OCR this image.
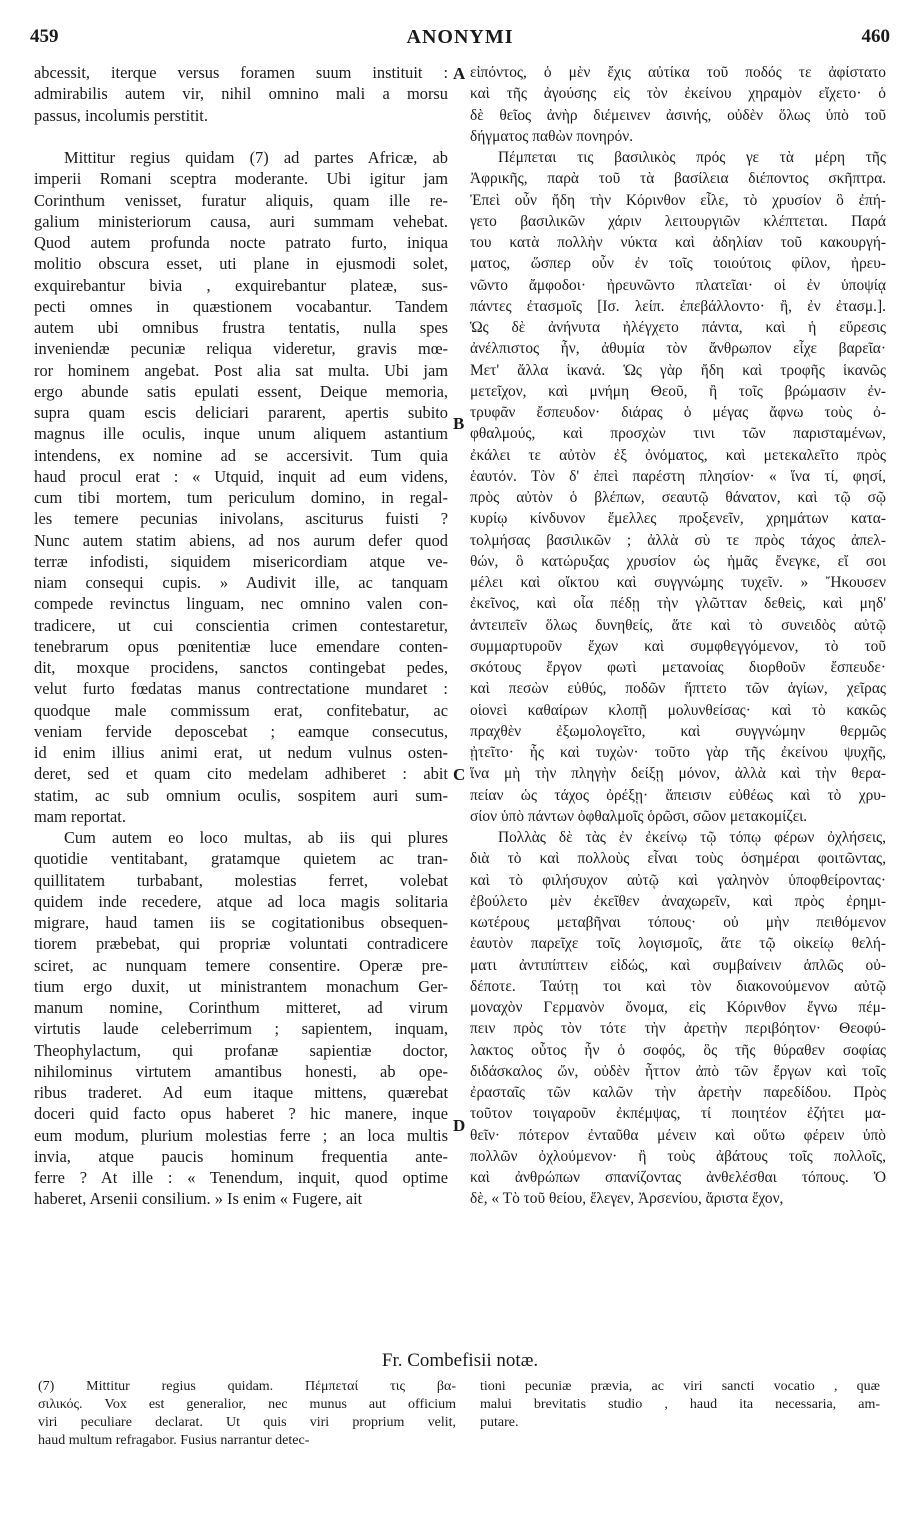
459	ANONYMI	460
abcessit, iterque versus foramen suum instituit :
admirabilis autem vir, nihil omnino mali a morsu
passus, incolumis perstitit.
Mittitur regius quidam (7) ad partes Africæ, ab
imperii Romani sceptra moderante. Ubi igitur jam
Corinthum venisset, furatur aliquis, quam ille re-
galium ministeriorum causa, auri summam vehebat.
Quod autem profunda nocte patrato furto, iniqua
molitio obscura esset, uti plane in ejusmodi solet,
exquirebantur bivia , exquirebantur plateæ, sus-
pecti omnes in quæstionem vocabantur. Tandem
autem ubi omnibus frustra tentatis, nulla spes
inveniendæ pecuniæ reliqua videretur, gravis mœ-
ror hominem angebat. Post alia sat multa. Ubi jam
ergo abunde satis epulati essent, Deique memoria,
supra quam escis deliciari pararent, apertis subito
magnus ille oculis, inque unum aliquem astantium
intendens, ex nomine ad se accersivit. Tum quia
haud procul erat : « Utquid, inquit ad eum videns,
cum tibi mortem, tum periculum domino, in regal-
les temere pecunias inivolans, asciturus fuisti ?
Nunc autem statim abiens, ad nos aurum defer quod
terræ infodisti, siquidem misericordiam atque ve-
niam consequi cupis. » Audivit ille, ac tanquam
compede revinctus linguam, nec omnino valen con-
tradicere, ut cui conscientia crimen contestaretur,
tenebrarum opus pœnitentiæ luce emendare conten-
dit, moxque procidens, sanctos contingebat pedes,
velut furto fœdatas manus contrectatione mundaret :
quodque male commissum erat, confitebatur, ac
veniam fervide deposcebat ; eamque consecutus,
id enim illius animi erat, ut nedum vulnus osten-
deret, sed et quam cito medelam adhiberet : abit
statim, ac sub omnium oculis, sospitem auri sum-
mam reportat.
Cum autem eo loco multas, ab iis qui plures
quotidie ventitabant, gratamque quietem ac tran-
quillitatem turbabant, molestias ferret, volebat
quidem inde recedere, atque ad loca magis solitaria
migrare, haud tamen iis se cogitationibus obsequen-
tiorem præbebat, qui propriæ voluntati contradicere
sciret, ac nunquam temere consentire. Operæ pre-
tium ergo duxit, ut ministrantem monachum Ger-
manum nomine, Corinthum mitteret, ad virum
virtutis laude celeberrimum ; sapientem, inquam,
Theophylactum, qui profanæ sapientiæ doctor,
nihilominus virtutem amantibus honesti, ab ope-
ribus traderet. Ad eum itaque mittens, quærebat
doceri quid facto opus haberet ? hic manere, inque
eum modum, plurium molestias ferre ; an loca multis
invia, atque paucis hominum frequentia ante-
ferre ? At ille : « Tenendum, inquit, quod optime
haberet, Arsenii consilium. » Is enim « Fugere, ait
εἰπόντος, ὁ μὲν ἔχις αὐτίκα τοῦ ποδός τε ἀφίστατο
καὶ τῆς ἀγούσης εἰς τὸν ἐκείνου χηραμὸν εἴχετο· ὁ
δὲ θεῖος ἀνὴρ διέμεινεν ἀσινής, οὐδὲν ὅλως ὑπὸ τοῦ
δήγματος παθὼν πονηρόν.
Πέμπεται τις βασιλικὸς πρός γε τὰ μέρη τῆς
Ἀφρικῆς, παρὰ τοῦ τὰ βασίλεια διέποντος σκῆπτρα.
Ἐπεὶ οὖν ἤδη τὴν Κόρινθον εἶλε, τὸ χρυσίον ὃ ἐπή-
γετο βασιλικῶν χάριν λειτουργιῶν κλέπτεται. Παρά
του κατὰ πολλὴν νύκτα καὶ ἀδηλίαν τοῦ κακουργή-
ματος, ὥσπερ οὖν ἐν τοῖς τοιούτοις φίλον, ἠρευ-
νῶντο ἄμφοδοι· ἠρευνῶντο πλατεῖαι· οἱ ἐν ὑποψίᾳ
πάντες ἐτασμοῖς [Ισ. λείπ. ἐπεβάλλοντο· ἢ, ἐν ἐτασμ.].
Ὡς δὲ ἀνήνυτα ἠλέγχετο πάντα, καὶ ἡ εὕρεσις
ἀνέλπιστος ἦν, ἀθυμία τὸν ἄνθρωπον εἶχε βαρεῖα·
Μετ' ἄλλα ἱκανά. Ὡς γὰρ ἤδη καὶ τροφῆς ἱκανῶς
μετεῖχον, καὶ μνήμη Θεοῦ, ἢ τοῖς βρώμασιν ἐν-
τρυφᾶν ἔσπευδον· διάρας ὁ μέγας ἄφνω τοὺς ὀ-
φθαλμούς, καὶ προσχὼν τινι τῶν παρισταμένων,
ἐκάλει τε αὐτὸν ἐξ ὀνόματος, καὶ μετεκαλεῖτο πρὸς
ἑαυτόν. Τὸν δ' ἐπεὶ παρέστη πλησίον· « ἵνα τί, φησί,
πρὸς αὐτὸν ὁ βλέπων, σεαυτῷ θάνατον, καὶ τῷ σῷ
κυρίῳ κίνδυνον ἔμελλες προξενεῖν, χρημάτων κατα-
τολμήσας βασιλικῶν ; ἀλλὰ σὺ τε πρὸς τάχος ἀπελ-
θών, ὃ κατώρυξας χρυσίον ὡς ἡμᾶς ἔνεγκε, εἴ σοι
μέλει καὶ οἴκτου καὶ συγγνώμης τυχεῖν. » Ἤκουσεν
ἐκεῖνος, καὶ οἷα πέδῃ τὴν γλῶτταν δεθεὶς, καὶ μηδ'
ἀντειπεῖν ὅλως δυνηθείς, ἅτε καὶ τὸ συνειδὸς αὐτῷ
συμμαρτυροῦν ἔχων καὶ συμφθεγγόμενον, τὸ τοῦ
σκότους ἔργον φωτὶ μετανοίας διορθοῦν ἔσπευδε·
καὶ πεσὼν εὐθύς, ποδῶν ἥπτετο τῶν ἁγίων, χεῖρας
οἱονεὶ καθαίρων κλοπῇ μολυνθείσας· καὶ τὸ κακῶς
πραχθὲν ἐξωμολογεῖτο, καὶ συγγνώμην θερμῶς
ᾐτεῖτο· ἧς καὶ τυχὼν· τοῦτο γὰρ τῆς ἐκείνου ψυχῆς,
ἵνα μὴ τὴν πληγὴν δείξῃ μόνον, ἀλλὰ καὶ τὴν θερα-
πείαν ὡς τάχος ὀρέξῃ· ἄπεισιν εὐθέως καὶ τὸ χρυ-
σίον ὑπὸ πάντων ὀφθαλμοῖς ὁρῶσι, σῶον μετακομίζει.
Πολλὰς δὲ τὰς ἐν ἐκείνῳ τῷ τόπῳ φέρων ὀχλήσεις,
διὰ τὸ καὶ πολλοὺς εἶναι τοὺς ὁσημέραι φοιτῶντας,
καὶ τὸ φιλήσυχον αὐτῷ καὶ γαληνὸν ὑποφθείροντας·
ἐβούλετο μὲν ἐκεῖθεν ἀναχωρεῖν, καὶ πρὸς ἐρημι-
κωτέρους μεταβῆναι τόπους· οὐ μὴν πειθόμενον
ἑαυτὸν παρεῖχε τοῖς λογισμοῖς, ἅτε τῷ οἰκείῳ θελή-
ματι ἀντιπίπτειν εἰδώς, καὶ συμβαίνειν ἁπλῶς οὐ-
δέποτε. Ταύτῃ τοι καὶ τὸν διακονούμενον αὐτῷ
μοναχὸν Γερμανὸν ὄνομα, εἰς Κόρινθον ἔγνω πέμ-
πειν πρὸς τὸν τότε τὴν ἀρετὴν περιβόητον· Θεοφύ-
λακτος οὗτος ἦν ὁ σοφός, ὃς τῆς θύραθεν σοφίας
διδάσκαλος ὤν, οὐδὲν ἧττον ἀπὸ τῶν ἔργων καὶ τοῖς
ἐρασταῖς τῶν καλῶν τὴν ἀρετὴν παρεδίδου. Πρὸς
τοῦτον τοιγαροῦν ἐκπέμψας, τί ποιητέον ἐζήτει μα-
θεῖν· πότερον ἐνταῦθα μένειν καὶ οὕτω φέρειν ὑπὸ
πολλῶν ὀχλούμενον· ἢ τοὺς ἀβάτους τοῖς πολλοῖς,
καὶ ἀνθρώπων σπανίζοντας ἀνθελέσθαι τόπους. Ὁ
δὲ, « Τὸ τοῦ θείου, ἔλεγεν, Ἀρσενίου, ἄριστα ἔχον,
A
B
C
D
Fr. Combefisii notæ.
(7) Mittitur regius quidam. Πέμπεταί τις βα-
σιλικός. Vox est generalior, nec munus aut officium
viri peculiare declarat. Ut quis viri proprium velit,
haud multum refragabor. Fusius narrantur detec-
tioni pecuniæ prævia, ac viri sancti vocatio , quæ
malui brevitatis studio , haud ita necessaria, am-
putare.
